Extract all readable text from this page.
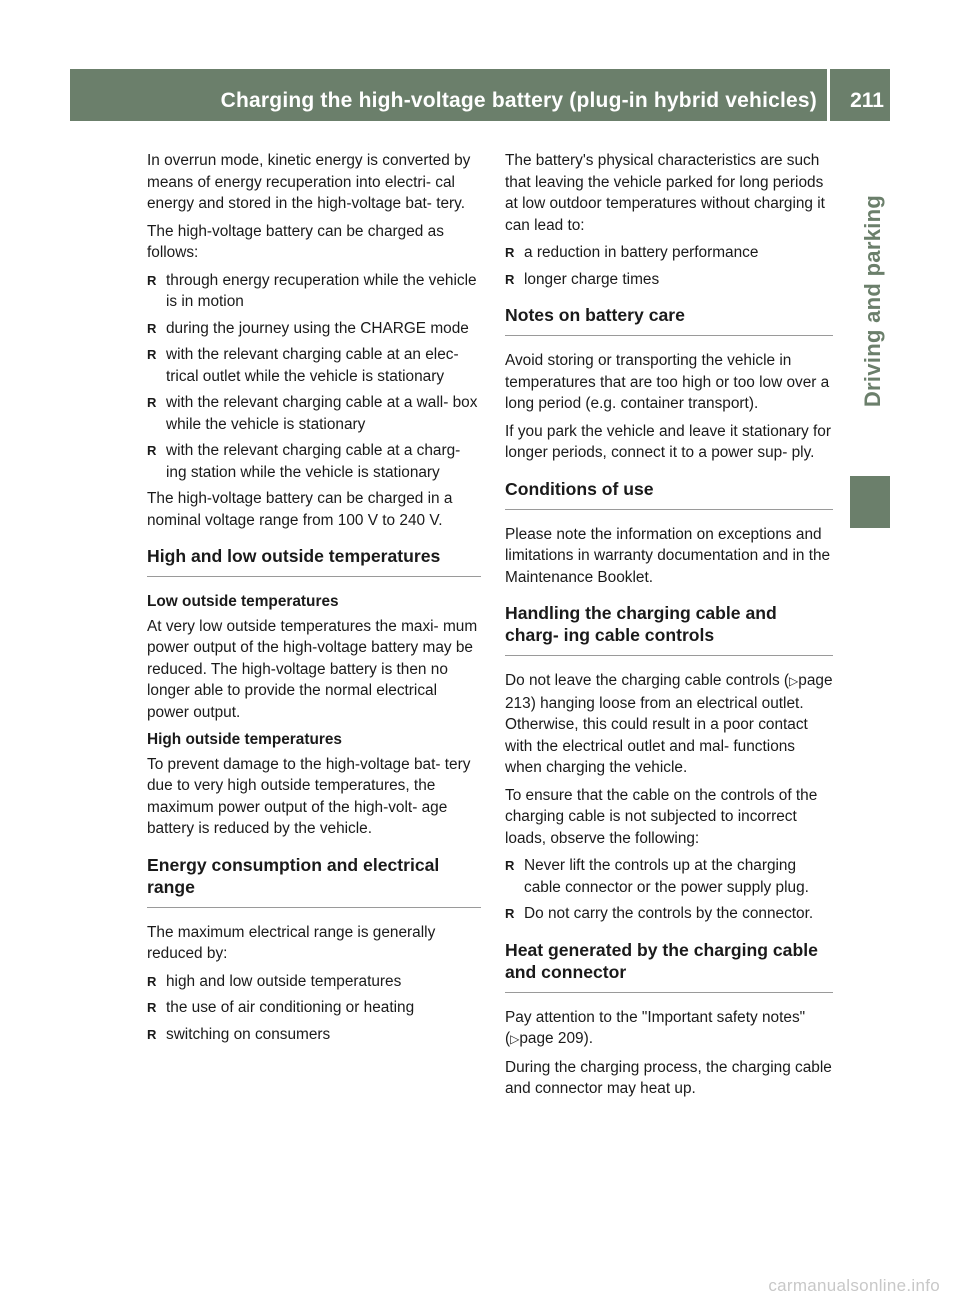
Charging the high-voltage battery (plug-in hybrid vehicles)	211
Driving and parking

In overrun mode, kinetic energy is converted by means of energy recuperation into electri- cal energy and stored in the high-voltage bat- tery.

The high-voltage battery can be charged as follows:

R through energy recuperation while the vehicle is in motion
R during the journey using the CHARGE mode
R with the relevant charging cable at an elec- trical outlet while the vehicle is stationary
R with the relevant charging cable at a wall- box while the vehicle is stationary
R with the relevant charging cable at a charg- ing station while the vehicle is stationary

The high-voltage battery can be charged in a nominal voltage range from 100 V to 240 V.

High and low outside temperatures
Low outside temperatures

At very low outside temperatures the maxi- mum power output of the high-voltage battery may be reduced. The high-voltage battery is then no longer able to provide the normal electrical power output.

High outside temperatures

To prevent damage to the high-voltage bat- tery due to very high outside temperatures, the maximum power output of the high-volt- age battery is reduced by the vehicle.

Energy consumption and electrical range

The maximum electrical range is generally reduced by:

R high and low outside temperatures
R the use of air conditioning or heating
R switching on consumers

The battery's physical characteristics are such that leaving the vehicle parked for long periods at low outdoor temperatures without charging it can lead to:

R a reduction in battery performance
R longer charge times
Notes on battery care

Avoid storing or transporting the vehicle in temperatures that are too high or too low over a long period (e.g. container transport).

If you park the vehicle and leave it stationary for longer periods, connect it to a power sup- ply.

Conditions of use

Please note the information on exceptions and limitations in warranty documentation and in the Maintenance Booklet.

Handling the charging cable and charg- ing cable controls

Do not leave the charging cable controls (▷page 213) hanging loose from an electrical outlet. Otherwise, this could result in a poor contact with the electrical outlet and mal- functions when charging the vehicle.

To ensure that the cable on the controls of the charging cable is not subjected to incorrect loads, observe the following:

R Never lift the controls up at the charging cable connector or the power supply plug.
R Do not carry the controls by the connector.
Heat generated by the charging cable and connector

Pay attention to the "Important safety notes" (▷page 209).

During the charging process, the charging cable and connector may heat up.

carmanualsonline.info
